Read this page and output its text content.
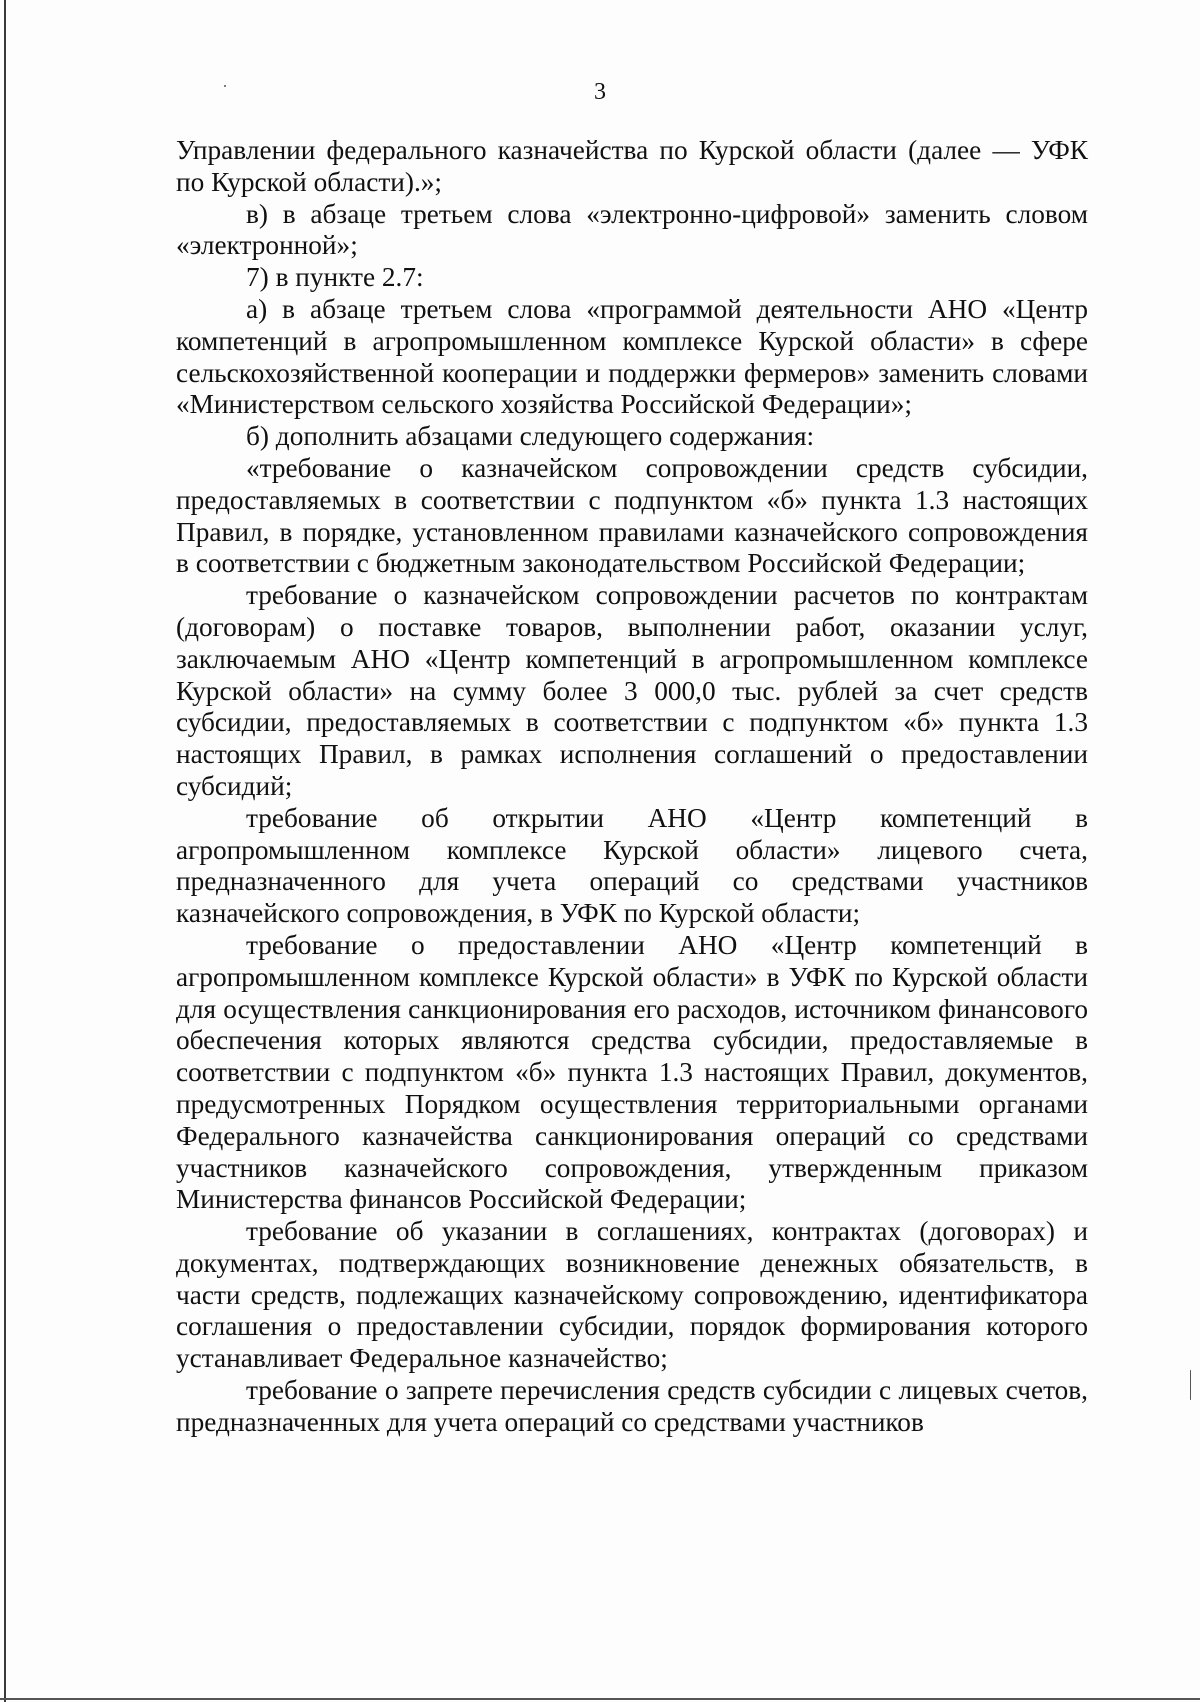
3

Управлении федерального казначейства по Курской области (далее — УФК по Курской области).»;

в) в абзаце третьем слова «электронно-цифровой» заменить словом «электронной»;

7) в пункте 2.7:

а) в абзаце третьем слова «программой деятельности АНО «Центр компетенций в агропромышленном комплексе Курской области» в сфере сельскохозяйственной кооперации и поддержки фермеров» заменить словами «Министерством сельского хозяйства Российской Федерации»;

б) дополнить абзацами следующего содержания:

«требование о казначейском сопровождении средств субсидии, предоставляемых в соответствии с подпунктом «б» пункта 1.3 настоящих Правил, в порядке, установленном правилами казначейского сопровождения в соответствии с бюджетным законодательством Российской Федерации;

требование о казначейском сопровождении расчетов по контрактам (договорам) о поставке товаров, выполнении работ, оказании услуг, заключаемым АНО «Центр компетенций в агропромышленном комплексе Курской области» на сумму более 3 000,0 тыс. рублей за счет средств субсидии, предоставляемых в соответствии с подпунктом «б» пункта 1.3 настоящих Правил, в рамках исполнения соглашений о предоставлении субсидий;

требование об открытии АНО «Центр компетенций в агропромышленном комплексе Курской области» лицевого счета, предназначенного для учета операций со средствами участников казначейского сопровождения, в УФК по Курской области;

требование о предоставлении АНО «Центр компетенций в агропромышленном комплексе Курской области» в УФК по Курской области для осуществления санкционирования его расходов, источником финансового обеспечения которых являются средства субсидии, предоставляемые в соответствии с подпунктом «б» пункта 1.3 настоящих Правил, документов, предусмотренных Порядком осуществления территориальными органами Федерального казначейства санкционирования операций со средствами участников казначейского сопровождения, утвержденным приказом Министерства финансов Российской Федерации;

требование об указании в соглашениях, контрактах (договорах) и документах, подтверждающих возникновение денежных обязательств, в части средств, подлежащих казначейскому сопровождению, идентификатора соглашения о предоставлении субсидии, порядок формирования которого устанавливает Федеральное казначейство;

требование о запрете перечисления средств субсидии с лицевых счетов, предназначенных для учета операций со средствами участников
